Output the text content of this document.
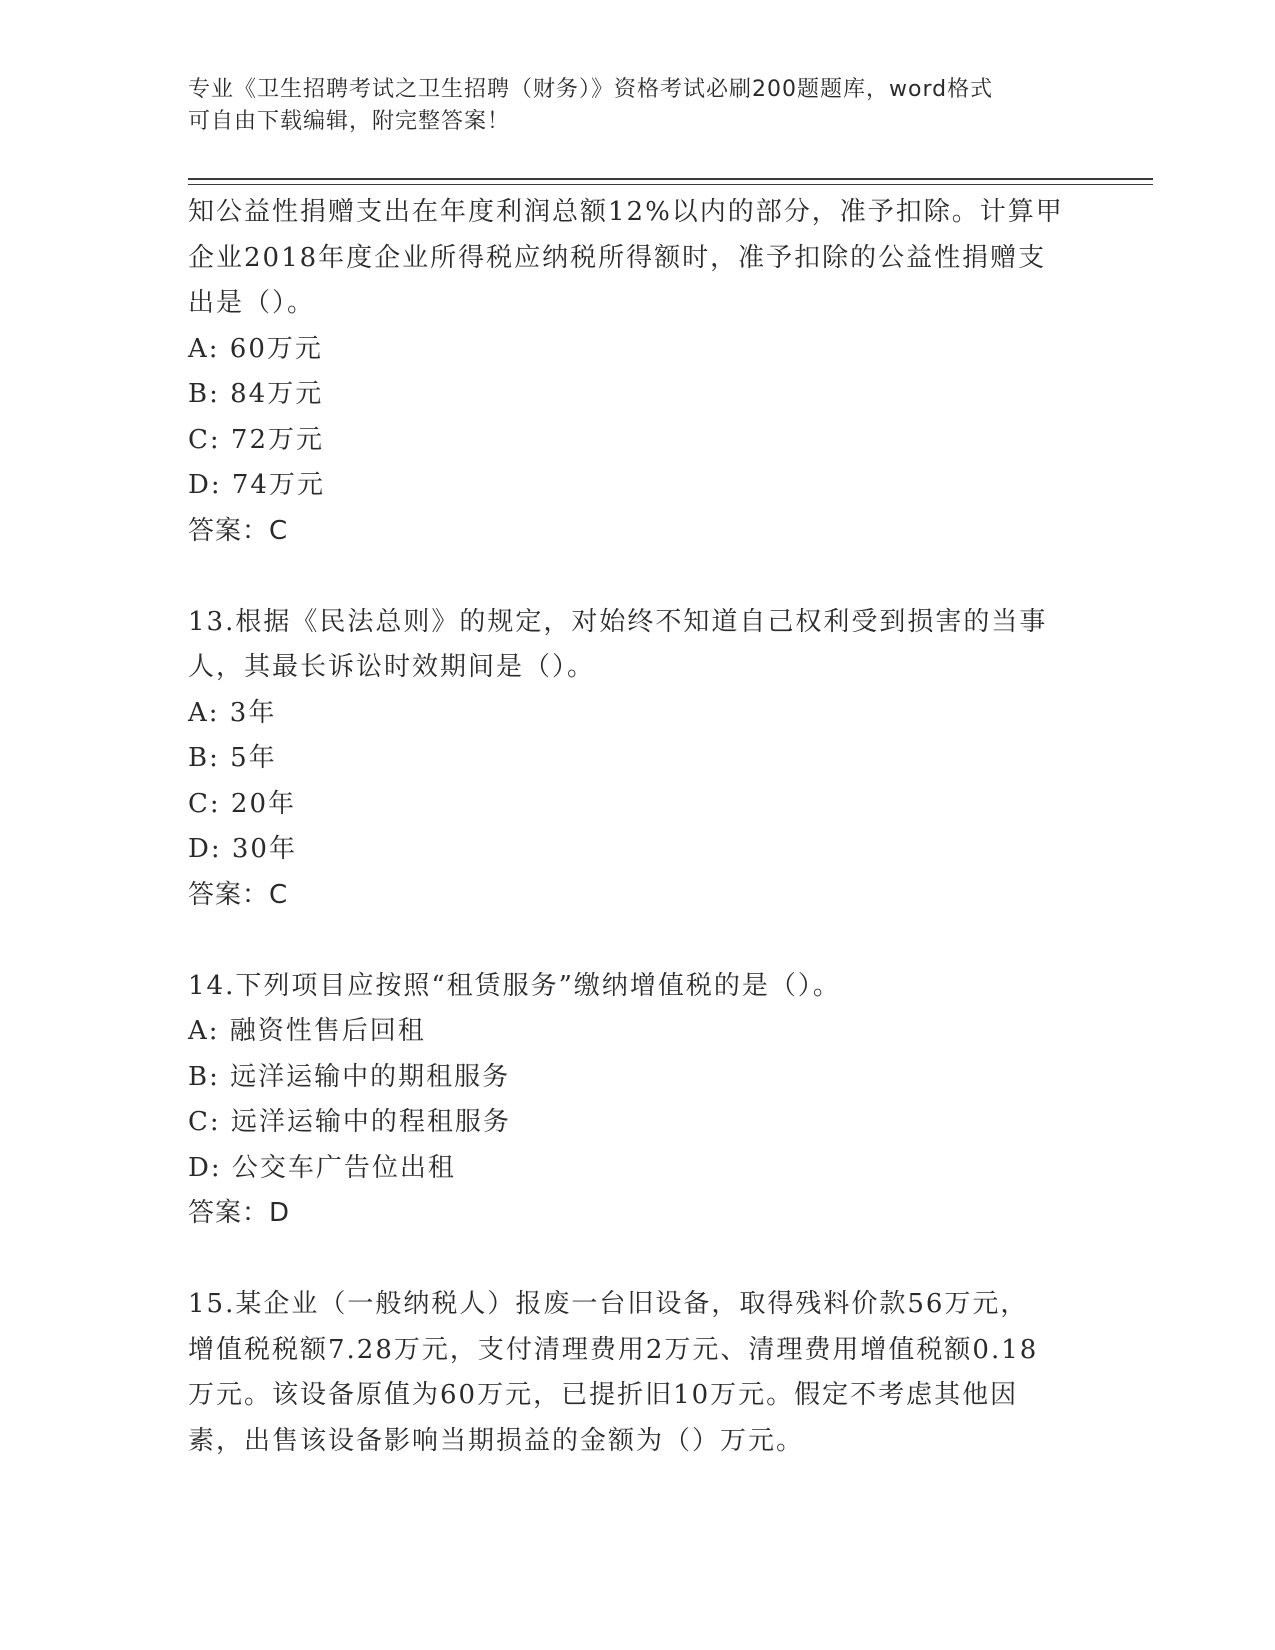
专业《卫生招聘考试之卫生招聘（财务）》资格考试必刷200题题库，word格式
可自由下载编辑，附完整答案！
知公益性捐赠支出在年度利润总额12%以内的部分，准予扣除。计算甲
企业2018年度企业所得税应纳税所得额时，准予扣除的公益性捐赠支
出是（）。
A: 60万元
B: 84万元
C: 72万元
D: 74万元
答案：C
13.根据《民法总则》的规定，对始终不知道自己权利受到损害的当事
人，其最长诉讼时效期间是（）。
A: 3年
B: 5年
C: 20年
D: 30年
答案：C
14.下列项目应按照“租赁服务”缴纳增值税的是（）。
A: 融资性售后回租
B: 远洋运输中的期租服务
C: 远洋运输中的程租服务
D: 公交车广告位出租
答案：D
15.某企业（一般纳税人）报废一台旧设备，取得残料价款56万元，
增值税税额7.28万元，支付清理费用2万元、清理费用增值税额0.18
万元。该设备原值为60万元，已提折旧10万元。假定不考虑其他因
素，出售该设备影响当期损益的金额为（）万元。
